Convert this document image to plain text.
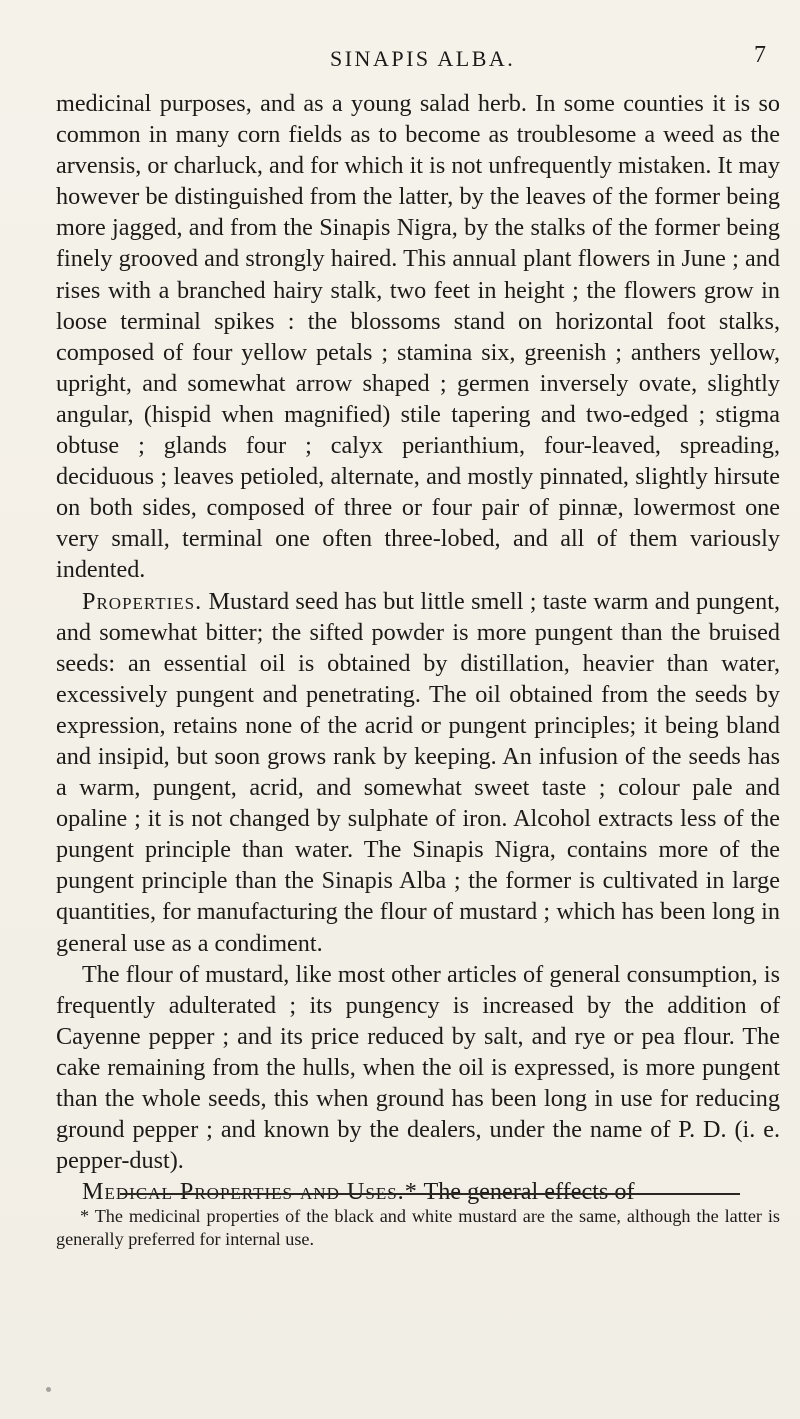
SINAPIS ALBA.	7

medicinal purposes, and as a young salad herb. In some counties it is so common in many corn fields as to become as troublesome a weed as the arvensis, or charluck, and for which it is not unfrequently mistaken. It may however be distinguished from the latter, by the leaves of the former being more jagged, and from the Sinapis Nigra, by the stalks of the former being finely grooved and strongly haired. This annual plant flowers in June ; and rises with a branched hairy stalk, two feet in height ; the flowers grow in loose terminal spikes : the blossoms stand on horizontal foot stalks, composed of four yellow petals ; stamina six, greenish ; anthers yellow, upright, and somewhat arrow shaped ; germen inversely ovate, slightly angular, (hispid when magnified) stile tapering and two-edged ; stigma obtuse ; glands four ; calyx perianthium, four-leaved, spreading, deciduous ; leaves petioled, alternate, and mostly pinnated, slightly hirsute on both sides, composed of three or four pair of pinnæ, lowermost one very small, terminal one often three-lobed, and all of them variously indented.

Properties. Mustard seed has but little smell ; taste warm and pungent, and somewhat bitter; the sifted powder is more pungent than the bruised seeds: an essential oil is obtained by distillation, heavier than water, excessively pungent and penetrating. The oil obtained from the seeds by expression, retains none of the acrid or pungent principles; it being bland and insipid, but soon grows rank by keeping. An infusion of the seeds has a warm, pungent, acrid, and somewhat sweet taste ; colour pale and opaline ; it is not changed by sulphate of iron. Alcohol extracts less of the pungent principle than water. The Sinapis Nigra, contains more of the pungent principle than the Sinapis Alba ; the former is cultivated in large quantities, for manufacturing the flour of mustard ; which has been long in general use as a condiment.

The flour of mustard, like most other articles of general consumption, is frequently adulterated ; its pungency is increased by the addition of Cayenne pepper ; and its price reduced by salt, and rye or pea flour. The cake remaining from the hulls, when the oil is expressed, is more pungent than the whole seeds, this when ground has been long in use for reducing ground pepper ; and known by the dealers, under the name of P. D. (i. e. pepper-dust).

Medical Properties and Uses.* The general effects of

* The medicinal properties of the black and white mustard are the same, although the latter is generally preferred for internal use.
